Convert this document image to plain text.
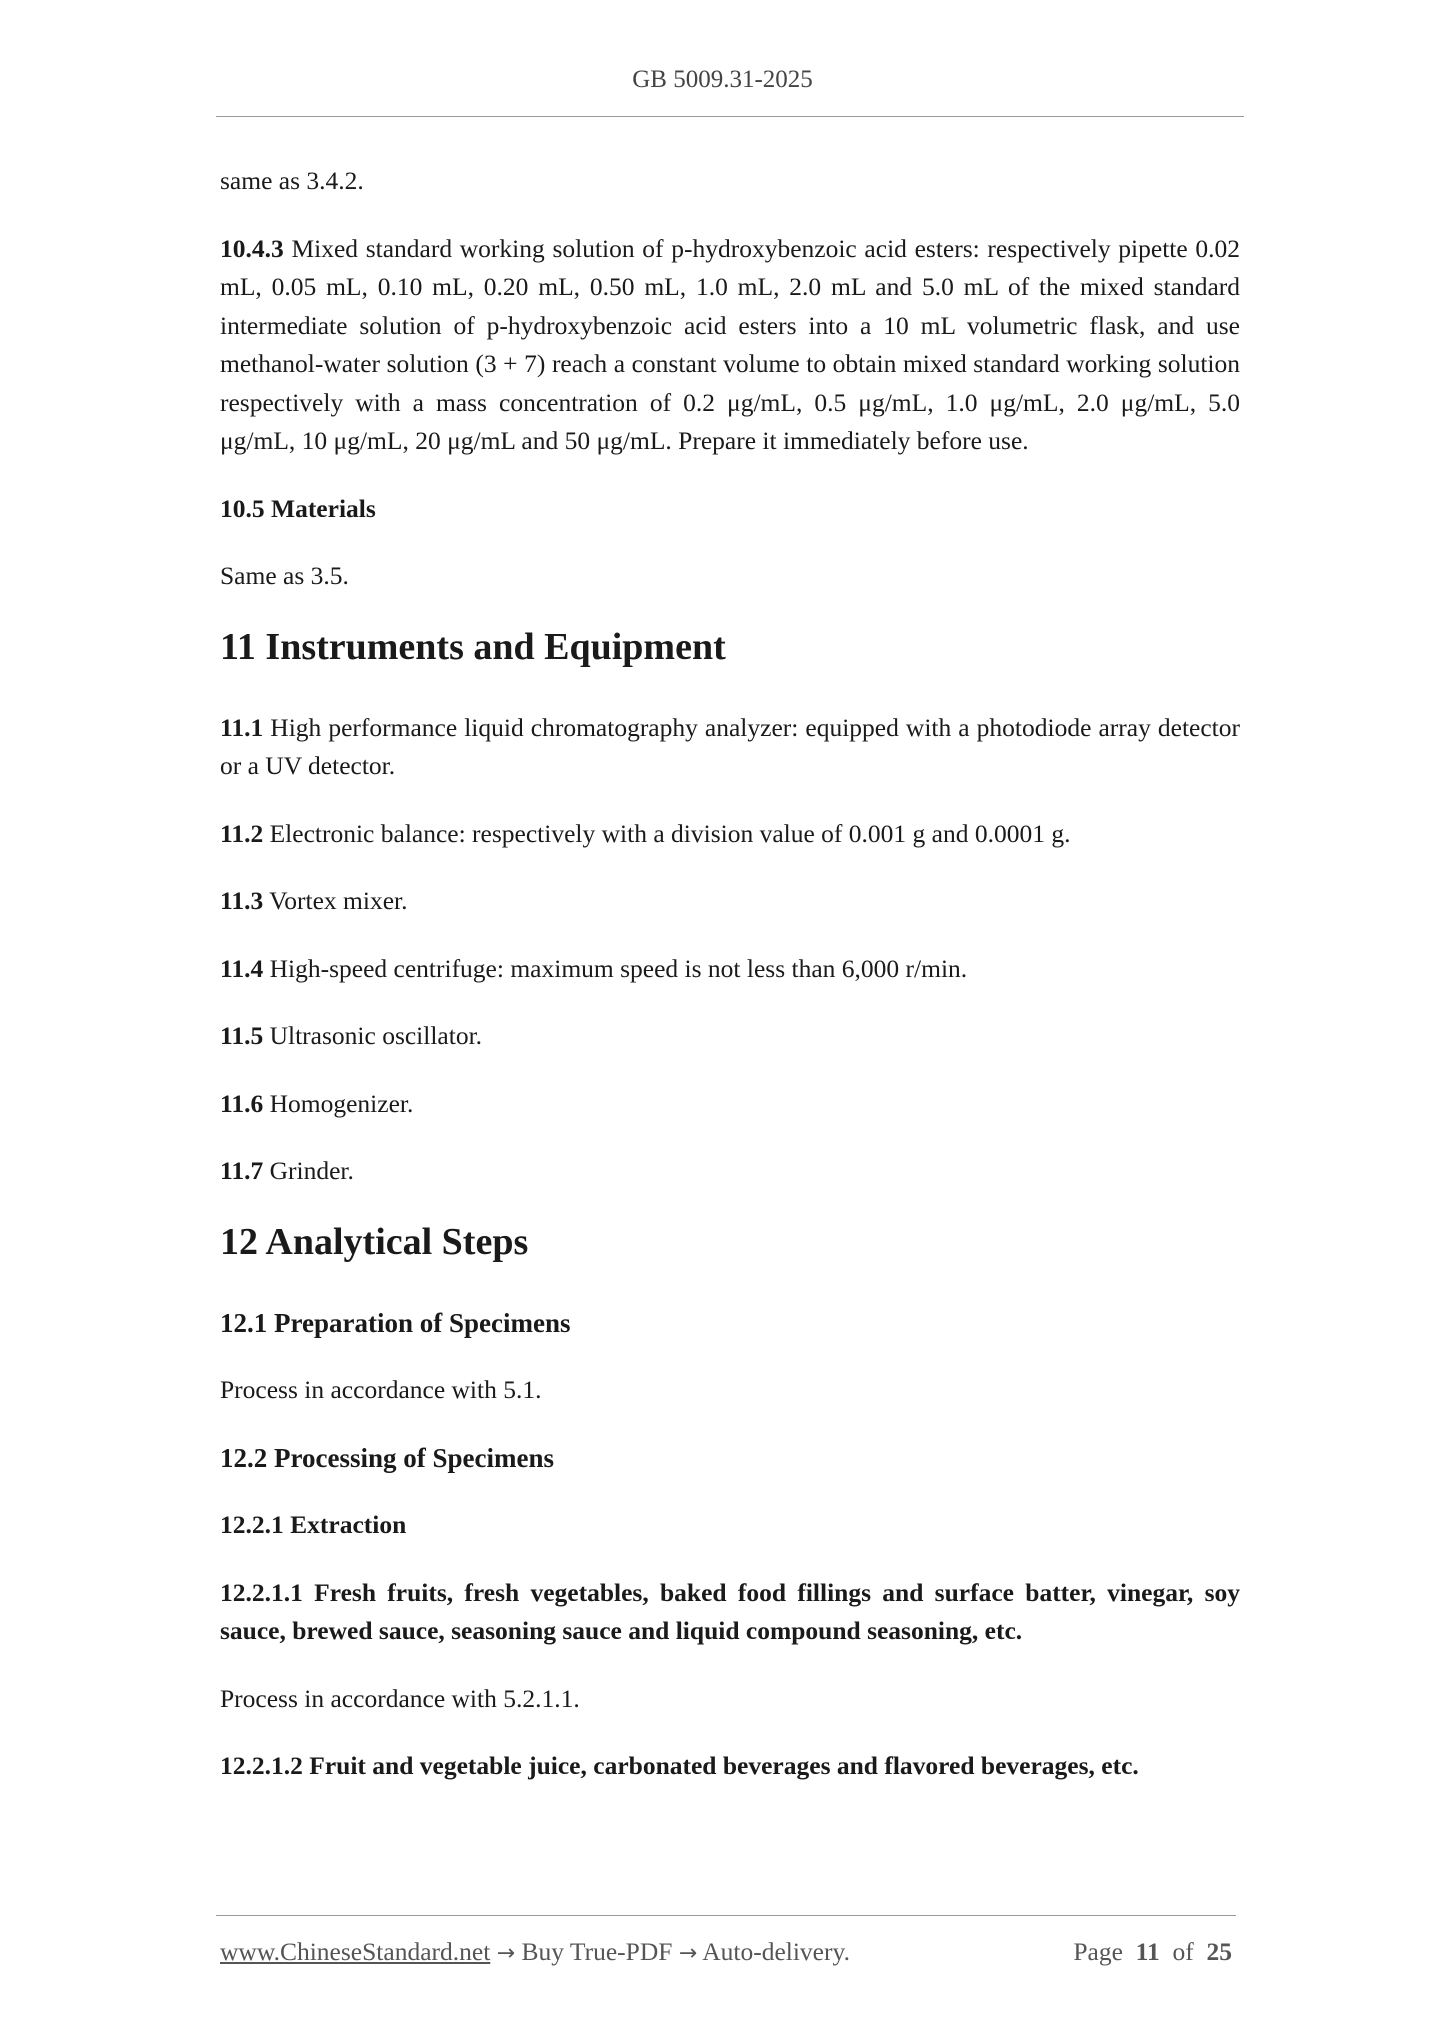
GB 5009.31-2025

same as 3.4.2.

10.4.3 Mixed standard working solution of p-hydroxybenzoic acid esters: respectively pipette 0.02 mL, 0.05 mL, 0.10 mL, 0.20 mL, 0.50 mL, 1.0 mL, 2.0 mL and 5.0 mL of the mixed standard intermediate solution of p-hydroxybenzoic acid esters into a 10 mL volumetric flask, and use methanol-water solution (3 + 7) reach a constant volume to obtain mixed standard working solution respectively with a mass concentration of 0.2 μg/mL, 0.5 μg/mL, 1.0 μg/mL, 2.0 μg/mL, 5.0 μg/mL, 10 μg/mL, 20 μg/mL and 50 μg/mL. Prepare it immediately before use.

10.5 Materials

Same as 3.5.

11 Instruments and Equipment

11.1 High performance liquid chromatography analyzer: equipped with a photodiode array detector or a UV detector.

11.2 Electronic balance: respectively with a division value of 0.001 g and 0.0001 g.

11.3 Vortex mixer.

11.4 High-speed centrifuge: maximum speed is not less than 6,000 r/min.

11.5 Ultrasonic oscillator.

11.6 Homogenizer.

11.7 Grinder.

12 Analytical Steps
12.1 Preparation of Specimens

Process in accordance with 5.1.

12.2 Processing of Specimens
12.2.1 Extraction
12.2.1.1 Fresh fruits, fresh vegetables, baked food fillings and surface batter, vinegar, soy sauce, brewed sauce, seasoning sauce and liquid compound seasoning, etc.

Process in accordance with 5.2.1.1.

12.2.1.2 Fruit and vegetable juice, carbonated beverages and flavored beverages, etc.
www.ChineseStandard.net → Buy True-PDF → Auto-delivery.	Page 11 of 25
